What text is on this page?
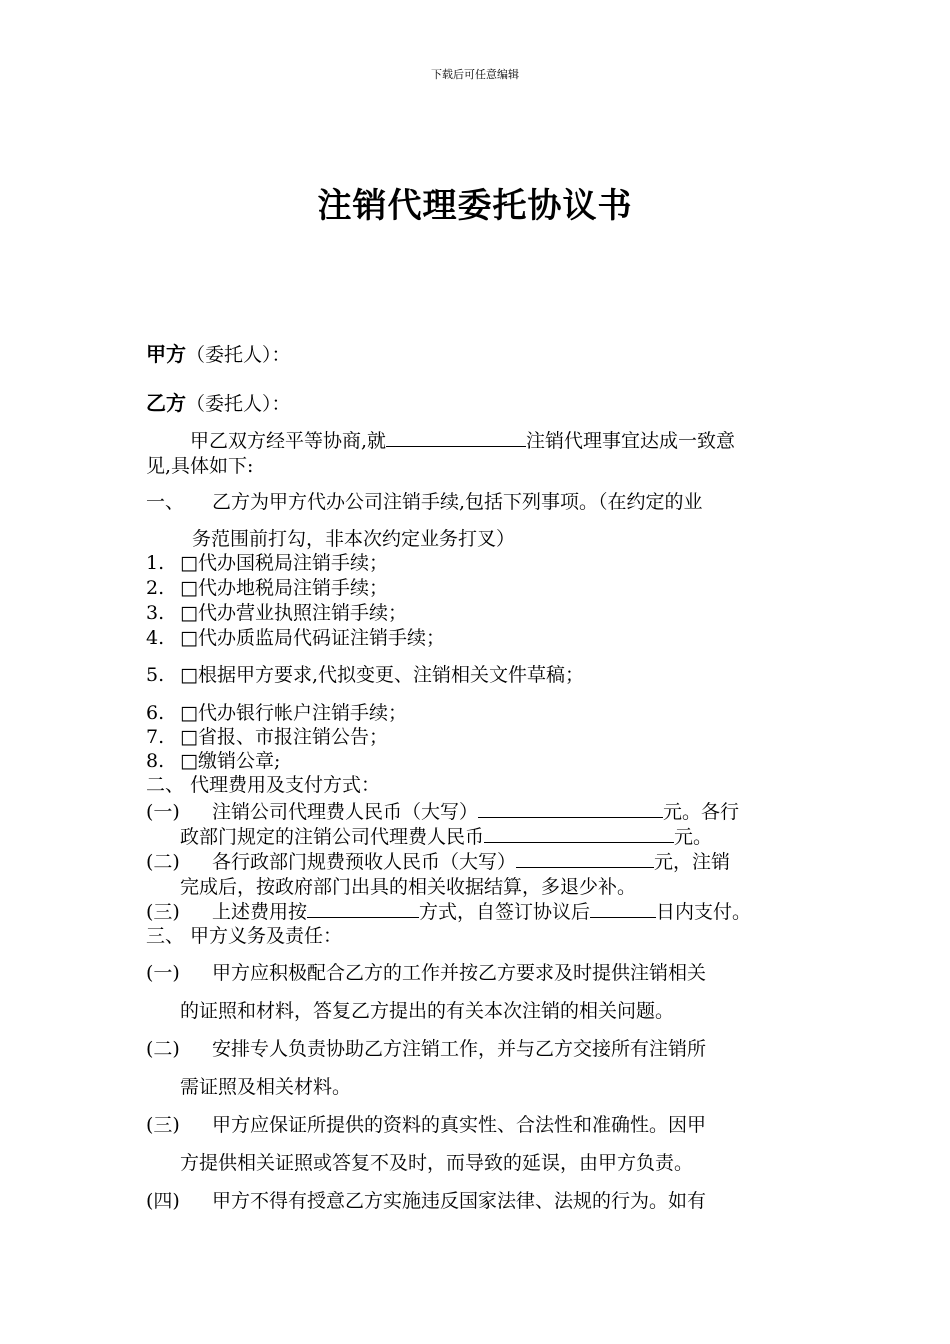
下载后可任意编辑
注销代理委托协议书
甲方（委托人）：
乙方（委托人）：
甲乙双方经平等协商,就	注销代理事宜达成一致意
见,具体如下:
一、 乙方为甲方代办公司注销手续,包括下列事项。（在约定的业
务范围前打勾，非本次约定业务打叉）
1. □代办国税局注销手续；
2. □代办地税局注销手续；
3. □代办营业执照注销手续；
4. □代办质监局代码证注销手续；
5. □根据甲方要求,代拟变更、注销相关文件草稿；
6. □代办银行帐户注销手续；
7. □省报、市报注销公告；
8. □缴销公章;
二、 代理费用及支付方式：
(一) 注销公司代理费人民币（大写）	元。各行
政部门规定的注销公司代理费人民币	元。
(二) 各行政部门规费预收人民币（大写）	元，注销
完成后，按政府部门出具的相关收据结算，多退少补。
(三) 上述费用按	方式，自签订协议后	日内支付。
三、 甲方义务及责任：
(一) 甲方应积极配合乙方的工作并按乙方要求及时提供注销相关
的证照和材料，答复乙方提出的有关本次注销的相关问题。
(二) 安排专人负责协助乙方注销工作，并与乙方交接所有注销所
需证照及相关材料。
(三) 甲方应保证所提供的资料的真实性、合法性和准确性。因甲
方提供相关证照或答复不及时，而导致的延误，由甲方负责。
(四) 甲方不得有授意乙方实施违反国家法律、法规的行为。如有
